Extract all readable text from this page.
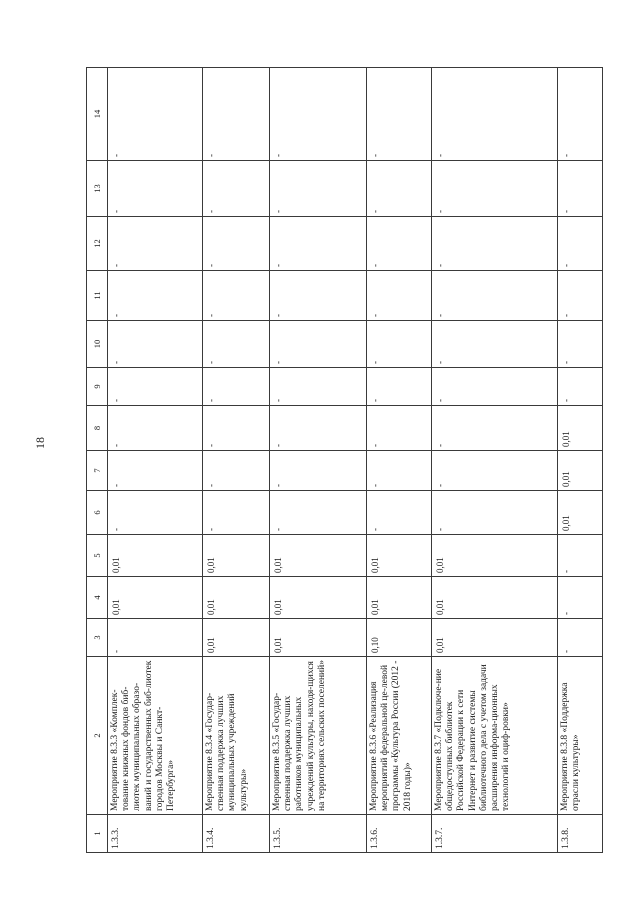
18
1	2	3	4	5	6	7	8	9	10	11	12	13	14
1.3.3.	Мероприятие 8.3.3 «Комплек-тование книжных фондов биб-лиотек муниципальных образо-ваний и государственных биб-лиотек городов Москвы и Санкт-Петербурга»	-	0,01	0,01	-	-	-	-	-	-	-	-	-
1.3.4.	Мероприятие 8.3.4 «Государ-ственная поддержка лучших муниципальных учреждений культуры»	0,01	0,01	0,01	-	-	-	-	-	-	-	-	-
1.3.5.	Мероприятие 8.3.5 «Государ-ственная поддержка лучших работников муниципальных учреждений культуры, находя-щихся на территориях сельских поселений»	0,01	0,01	0,01	-	-	-	-	-	-	-	-	-
1.3.6.	Мероприятие 8.3.6 «Реализация мероприятий федеральной це-левой программы «Культура России (2012 - 2018 годы)»	0,10	0,01	0,01	-	-	-	-	-	-	-	-	-
1.3.7.	Мероприятие 8.3.7 «Подключе-ние общедоступных библиотек Российской Федерации к сети Интернет и развитие системы библиотечного дела с учетом задачи расширения информа-ционных технологий и оциф-ровки»	0,01	0,01	0,01	-	-	-	-	-	-	-	-	-
1.3.8.	Мероприятие 8.3.8 «Поддержка отрасли культуры»	-	-	-	0,01	0,01	0,01	-	-	-	-	-	-
